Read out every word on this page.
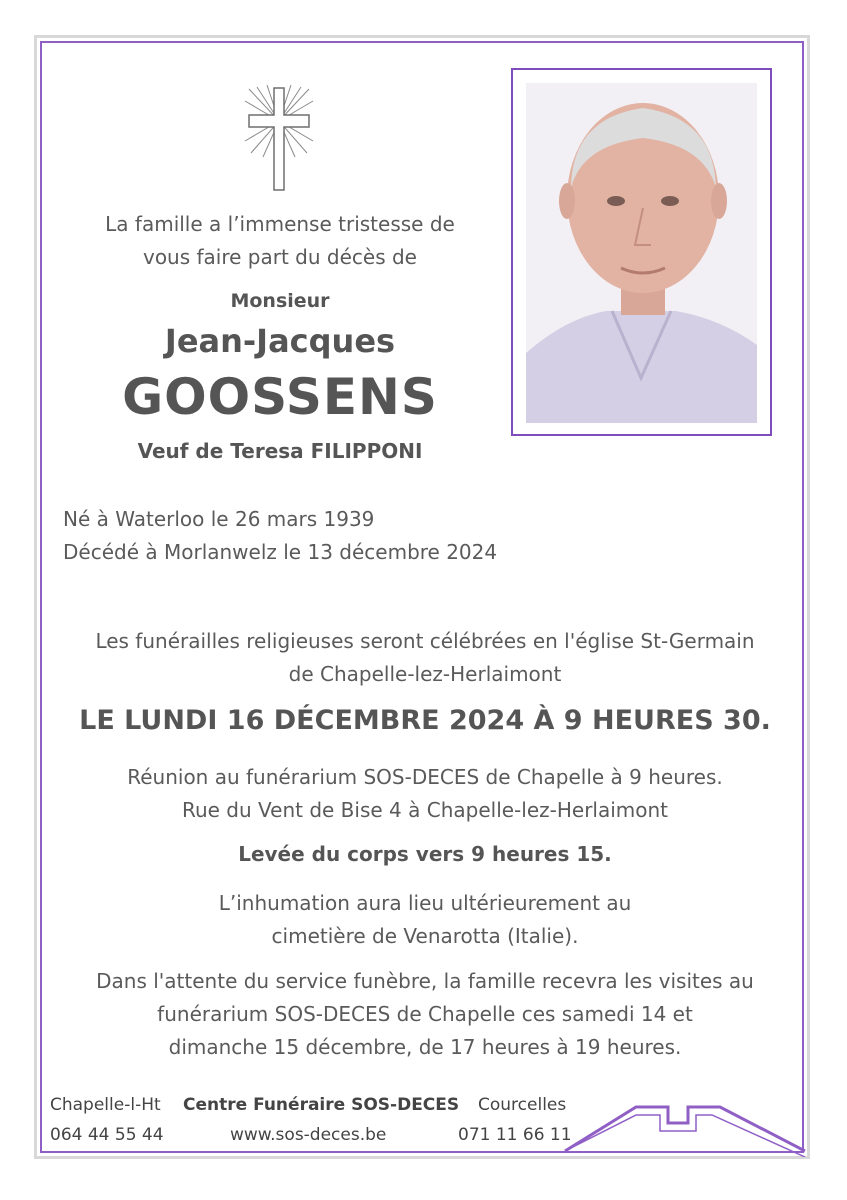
La famille a l’immense tristesse de
vous faire part du décès de
Monsieur
Jean-Jacques
GOOSSENS
Veuf de Teresa FILIPPONI
Né à Waterloo le 26 mars 1939
Décédé à Morlanwelz le 13 décembre 2024
Les funérailles religieuses seront célébrées en l'église St-Germain
de Chapelle-lez-Herlaimont
LE LUNDI 16 DÉCEMBRE 2024 À 9 HEURES 30.
Réunion au funérarium SOS-DECES de Chapelle à 9 heures.
Rue du Vent de Bise 4 à Chapelle-lez-Herlaimont
Levée du corps vers 9 heures 15.
L’inhumation aura lieu ultérieurement au
cimetière de Venarotta (Italie).
Dans l'attente du service funèbre, la famille recevra les visites au
funérarium SOS-DECES de Chapelle ces samedi 14 et
dimanche 15 décembre, de 17 heures à 19 heures.
Chapelle-l-Ht
064 44 55 44
Centre Funéraire SOS-DECES
www.sos-deces.be
Courcelles
071 11 66 11
